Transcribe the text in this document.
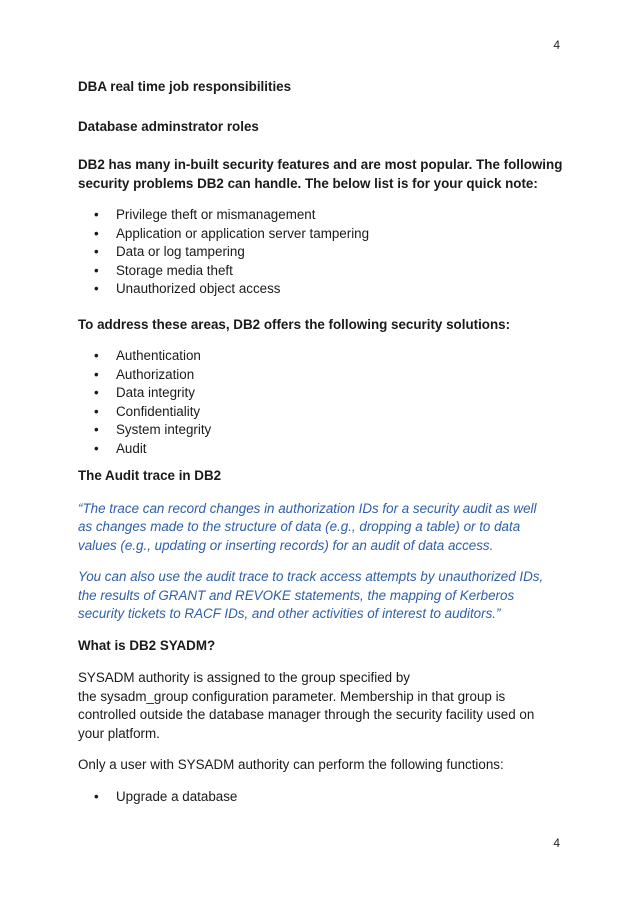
4

DBA real time job responsibilities

Database adminstrator roles

DB2 has many in-built security features and are most popular. The following

security problems DB2 can handle. The below list is for your quick note:

• Privilege theft or mismanagement
• Application or application server tampering
• Data or log tampering
• Storage media theft
• Unauthorized object access

To address these areas, DB2 offers the following security solutions:

• Authentication
• Authorization
• Data integrity
• Confidentiality
• System integrity
• Audit

The Audit trace in DB2

“The trace can record changes in authorization IDs for a security audit as well

as changes made to the structure of data (e.g., dropping a table) or to data

values (e.g., updating or inserting records) for an audit of data access.

You can also use the audit trace to track access attempts by unauthorized IDs,

the results of GRANT and REVOKE statements, the mapping of Kerberos

security tickets to RACF IDs, and other activities of interest to auditors.”

What is DB2 SYADM?

SYSADM authority is assigned to the group specified by

the sysadm_group configuration parameter. Membership in that group is

controlled outside the database manager through the security facility used on

your platform.

Only a user with SYSADM authority can perform the following functions:

• Upgrade a database
4
